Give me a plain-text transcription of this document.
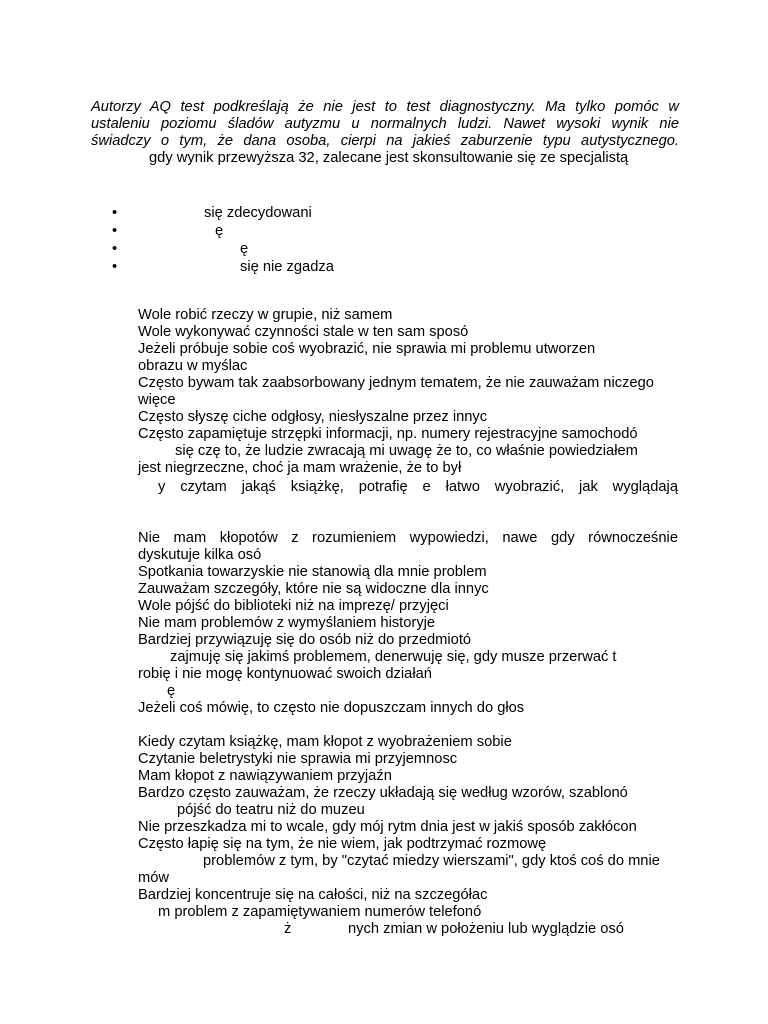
Autorzy AQ test podkreślają że nie jest to test diagnostyczny. Ma tylko pomóc w
ustaleniu poziomu śladów autyzmu u normalnych ludzi. Nawet wysoki wynik nie
świadczy o tym, że dana osoba, cierpi na jakieś zaburzenie typu autystycznego.
gdy wynik przewyższa 32, zalecane jest skonsultowanie się ze specjalistą
•	się zdecydowani
•	ę
•	ę
•	się nie zgadza
Wole robić rzeczy w grupie, niż samem
Wole wykonywać czynności stale w ten sam sposó
Jeżeli próbuje sobie coś wyobrazić, nie sprawia mi problemu utworzen
obrazu w myślac
Często bywam tak zaabsorbowany jednym tematem, że nie zauważam niczego
więce
Często słyszę ciche odgłosy, niesłyszalne przez innyc
Często zapamiętuje strzępki informacji, np. numery rejestracyjne samochodó
się czę to, że ludzie zwracają mi uwagę że to, co właśnie powiedziałem
jest niegrzeczne, choć ja mam wrażenie, że to był
y czytam jakąś książkę, potrafię e łatwo wyobrazić, jak wyglądają
Nie mam kłopotów z rozumieniem wypowiedzi, nawe gdy równocześnie
dyskutuje kilka osó
Spotkania towarzyskie nie stanowią dla mnie problem
Zauważam szczegóły, które nie są widoczne dla innyc
Wole pójść do biblioteki niż na imprezę/ przyjęci
Nie mam problemów z wymyślaniem historyje
Bardziej przywiązuję się do osób niż do przedmiotó
zajmuję się jakimś problemem, denerwuję się, gdy musze przerwać t
robię i nie mogę kontynuować swoich działań
ę
Jeżeli coś mówię, to często nie dopuszczam innych do głos
Kiedy czytam książkę, mam kłopot z wyobrażeniem sobie
Czytanie beletrystyki nie sprawia mi przyjemnosc
Mam kłopot z nawiązywaniem przyjaźn
Bardzo często zauważam, że rzeczy układają się według wzorów, szablonó
pójść do teatru niż do muzeu
Nie przeszkadza mi to wcale, gdy mój rytm dnia jest w jakiś sposób zakłócon
Często łapię się na tym, że nie wiem, jak podtrzymać rozmowę
problemów z tym, by "czytać miedzy wierszami", gdy ktoś coś do mnie
mów
Bardziej koncentruje się na całości, niż na szczegółac
m problem z zapamiętywaniem numerów telefonó
ż	nych zmian w położeniu lub wyglądzie osó
